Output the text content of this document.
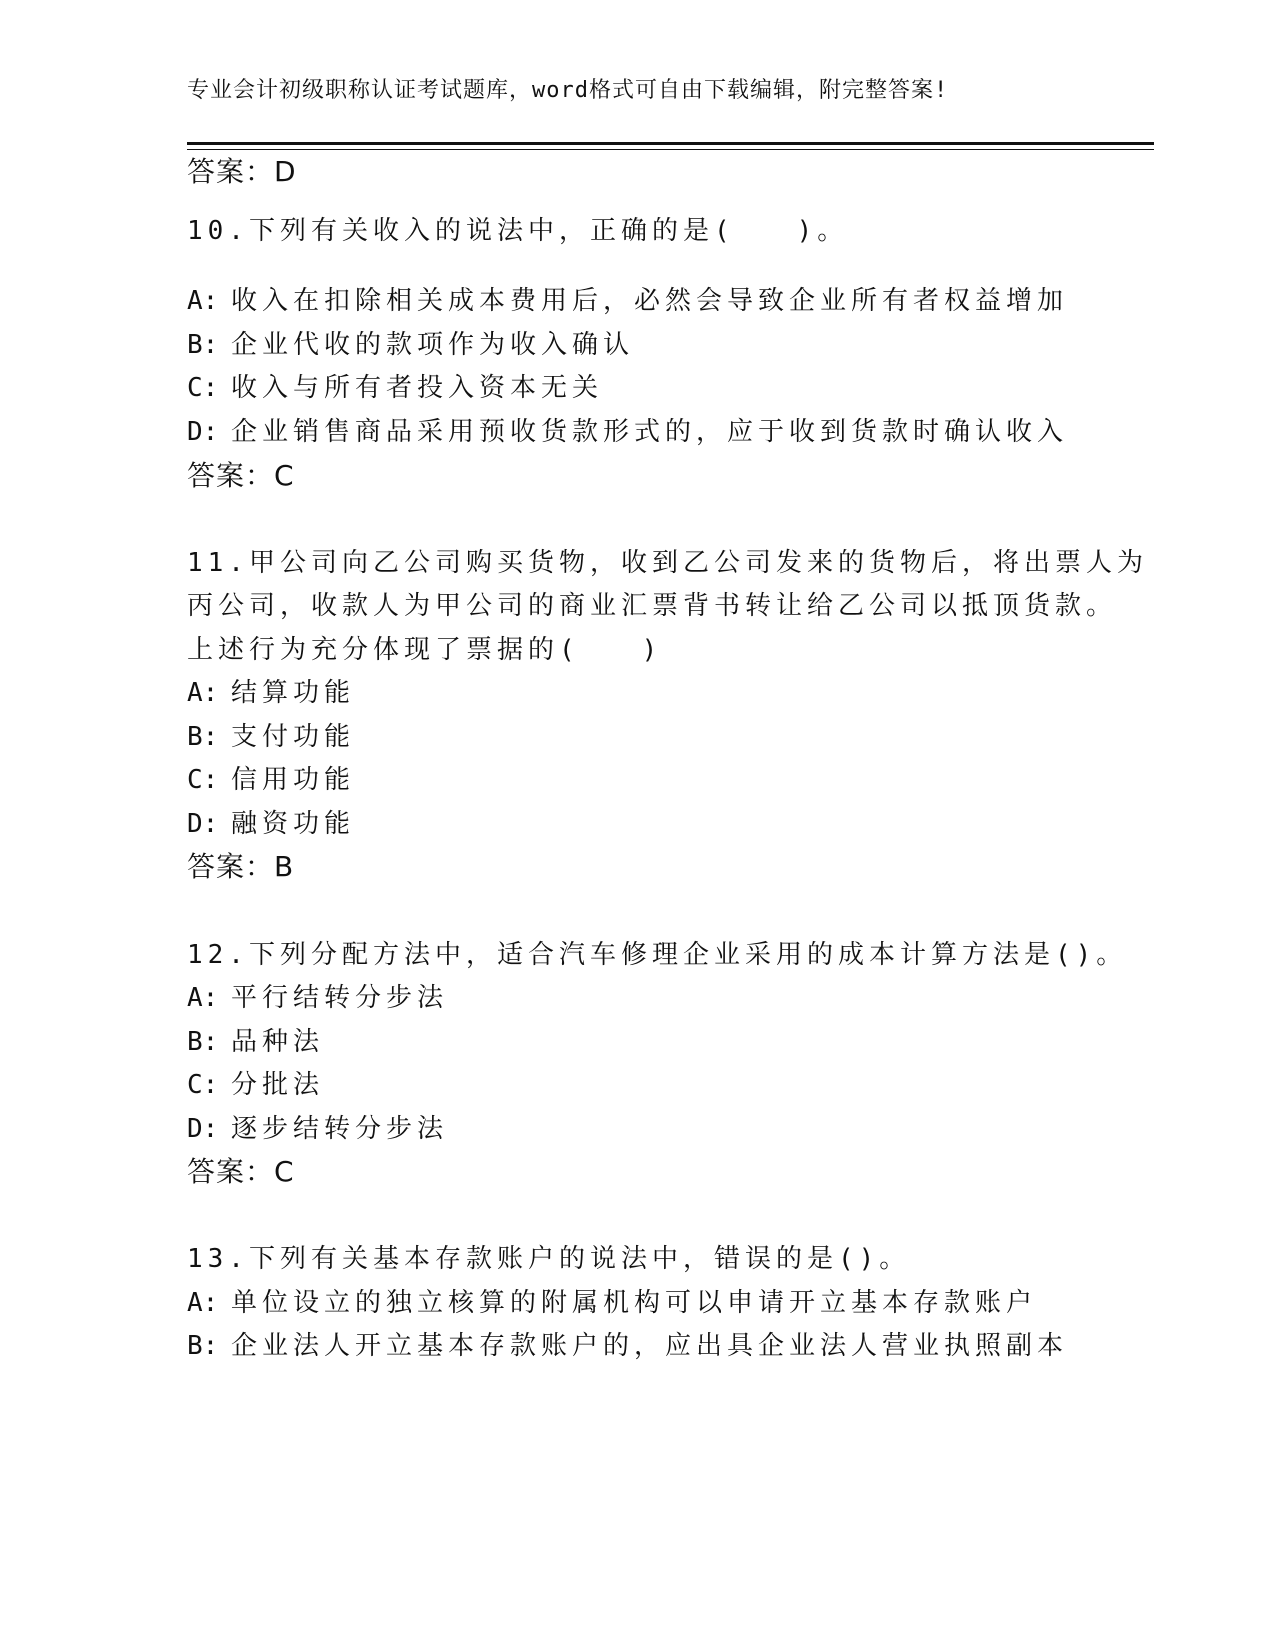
专业会计初级职称认证考试题库，word格式可自由下载编辑，附完整答案!
答案：D
10.下列有关收入的说法中，正确的是(　　)。
A: 收入在扣除相关成本费用后，必然会导致企业所有者权益增加
B: 企业代收的款项作为收入确认
C: 收入与所有者投入资本无关
D: 企业销售商品采用预收货款形式的，应于收到货款时确认收入
答案：C
11.甲公司向乙公司购买货物，收到乙公司发来的货物后，将出票人为
丙公司，收款人为甲公司的商业汇票背书转让给乙公司以抵顶货款。
上述行为充分体现了票据的(　　)
A: 结算功能
B: 支付功能
C: 信用功能
D: 融资功能
答案：B
12.下列分配方法中，适合汽车修理企业采用的成本计算方法是()。
A: 平行结转分步法
B: 品种法
C: 分批法
D: 逐步结转分步法
答案：C
13.下列有关基本存款账户的说法中，错误的是()。
A: 单位设立的独立核算的附属机构可以申请开立基本存款账户
B: 企业法人开立基本存款账户的，应出具企业法人营业执照副本
